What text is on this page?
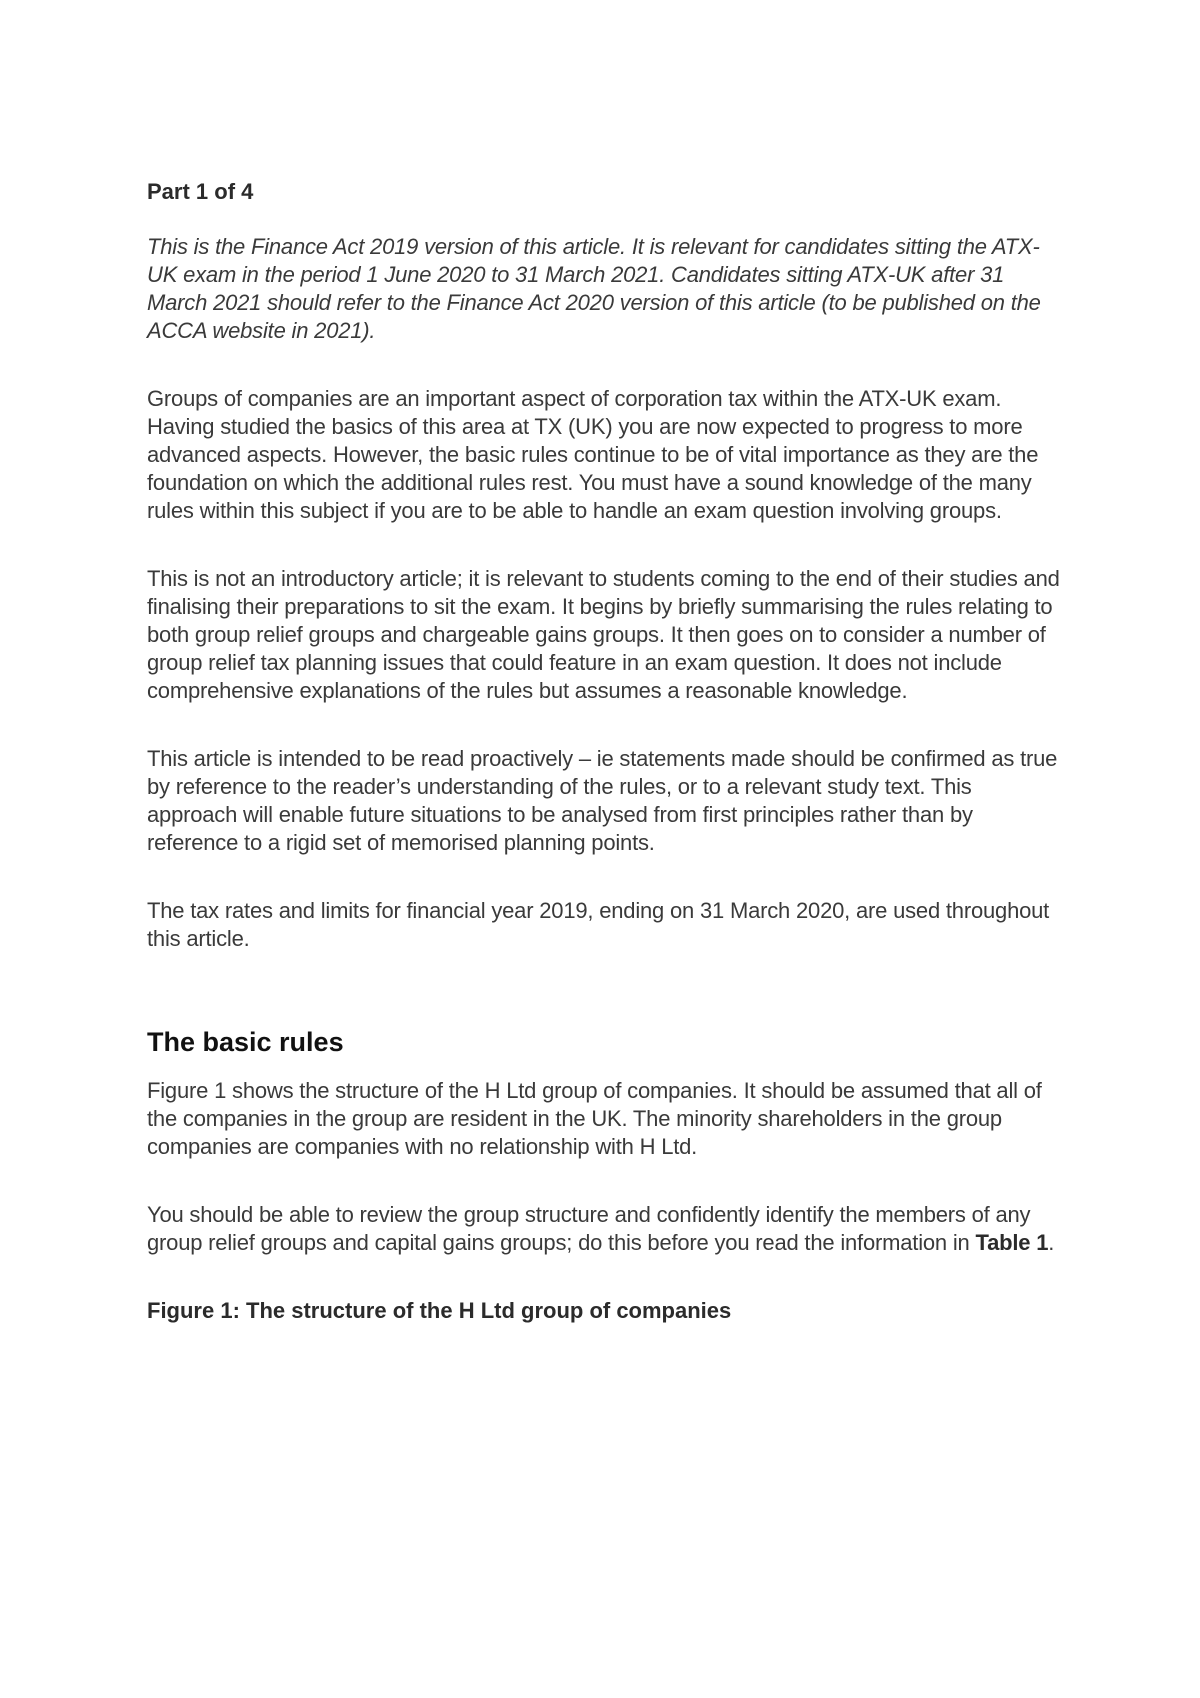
Part 1 of 4

This is the Finance Act 2019 version of this article. It is relevant for candidates sitting the ATX-UK exam in the period 1 June 2020 to 31 March 2021. Candidates sitting ATX-UK after 31 March 2021 should refer to the Finance Act 2020 version of this article (to be published on the ACCA website in 2021).

Groups of companies are an important aspect of corporation tax within the ATX-UK exam. Having studied the basics of this area at TX (UK) you are now expected to progress to more advanced aspects. However, the basic rules continue to be of vital importance as they are the foundation on which the additional rules rest. You must have a sound knowledge of the many rules within this subject if you are to be able to handle an exam question involving groups.

This is not an introductory article; it is relevant to students coming to the end of their studies and finalising their preparations to sit the exam. It begins by briefly summarising the rules relating to both group relief groups and chargeable gains groups. It then goes on to consider a number of group relief tax planning issues that could feature in an exam question. It does not include comprehensive explanations of the rules but assumes a reasonable knowledge.

This article is intended to be read proactively – ie statements made should be confirmed as true by reference to the reader’s understanding of the rules, or to a relevant study text. This approach will enable future situations to be analysed from first principles rather than by reference to a rigid set of memorised planning points.

The tax rates and limits for financial year 2019, ending on 31 March 2020, are used throughout this article.

The basic rules

Figure 1 shows the structure of the H Ltd group of companies. It should be assumed that all of the companies in the group are resident in the UK. The minority shareholders in the group companies are companies with no relationship with H Ltd.

You should be able to review the group structure and confidently identify the members of any group relief groups and capital gains groups; do this before you read the information in Table 1.

Figure 1: The structure of the H Ltd group of companies
